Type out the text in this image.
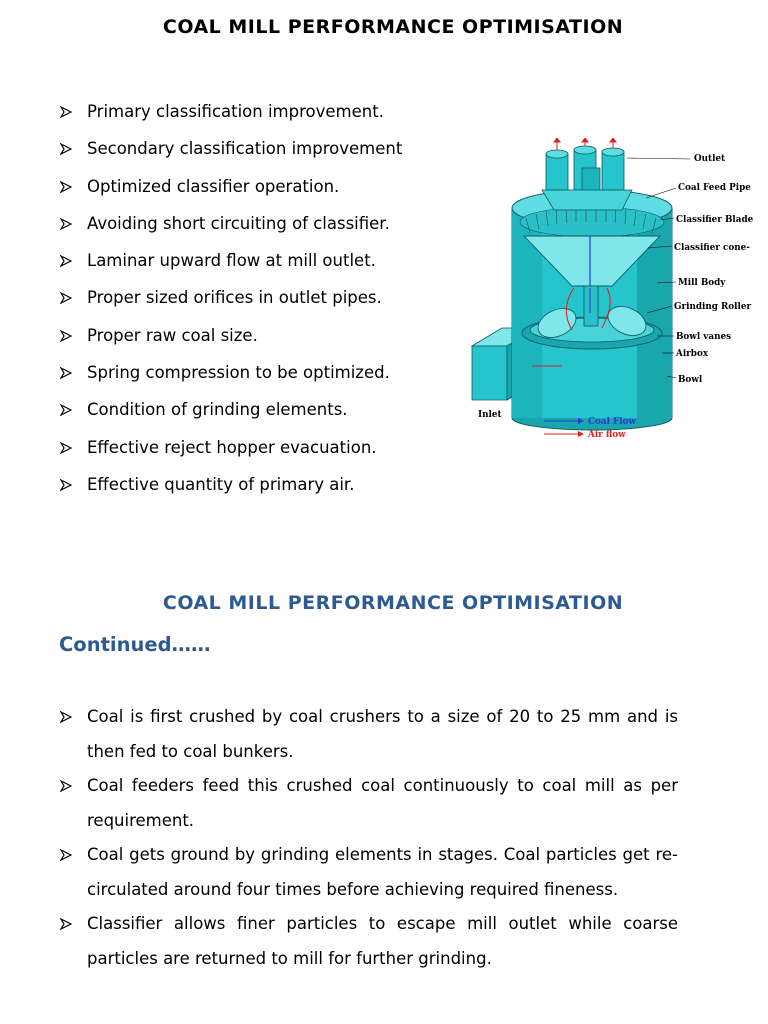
COAL MILL PERFORMANCE OPTIMISATION
Primary classification improvement.
Secondary classification improvement
Optimized classifier operation.
Avoiding short circuiting of classifier.
Laminar upward flow at mill outlet.
Proper sized orifices in outlet pipes.
Proper raw coal size.
Spring compression to be optimized.
Condition of grinding elements.
Effective reject hopper evacuation.
Effective quantity of primary air.
Outlet
Coal Feed Pipe
Classifier Blade
Classifier cone-
Mill Body
Grinding Roller
Bowl vanes
Airbox
Bowl
Inlet
Coal Flow
Air flow
COAL MILL PERFORMANCE OPTIMISATION
Continued……
Coal is first crushed by coal crushers to a size of 20 to 25 mm and is then fed to coal bunkers.
Coal feeders feed this crushed coal continuously to coal mill as per requirement.
Coal gets ground by grinding elements in stages. Coal particles get re-circulated around four times before achieving required fineness.
Classifier allows finer particles to escape mill outlet while coarse particles are returned to mill for further grinding.
